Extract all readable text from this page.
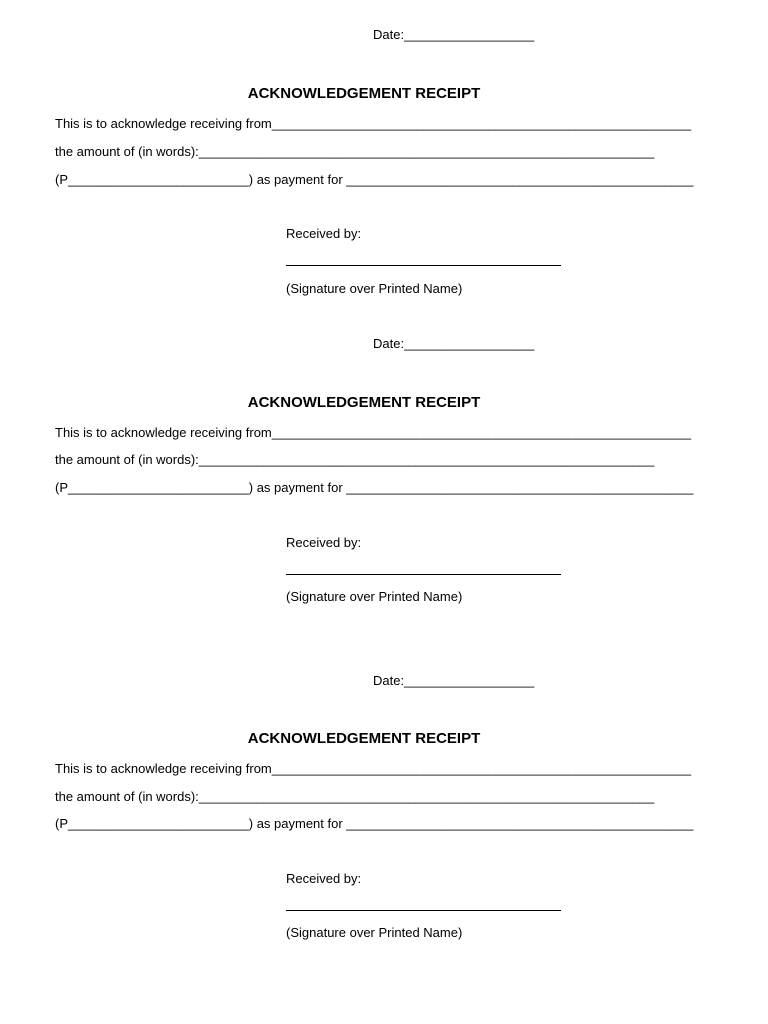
Date:__________________
ACKNOWLEDGEMENT RECEIPT
This is to acknowledge receiving from__________________________________________________________
the amount of (in words):_______________________________________________________________
(P_________________________) as payment for ________________________________________________
Received by:
(Signature over Printed Name)
Date:__________________
ACKNOWLEDGEMENT RECEIPT
This is to acknowledge receiving from__________________________________________________________
the amount of (in words):_______________________________________________________________
(P_________________________) as payment for ________________________________________________
Received by:
(Signature over Printed Name)
Date:__________________
ACKNOWLEDGEMENT RECEIPT
This is to acknowledge receiving from__________________________________________________________
the amount of (in words):_______________________________________________________________
(P_________________________) as payment for ________________________________________________
Received by:
(Signature over Printed Name)
